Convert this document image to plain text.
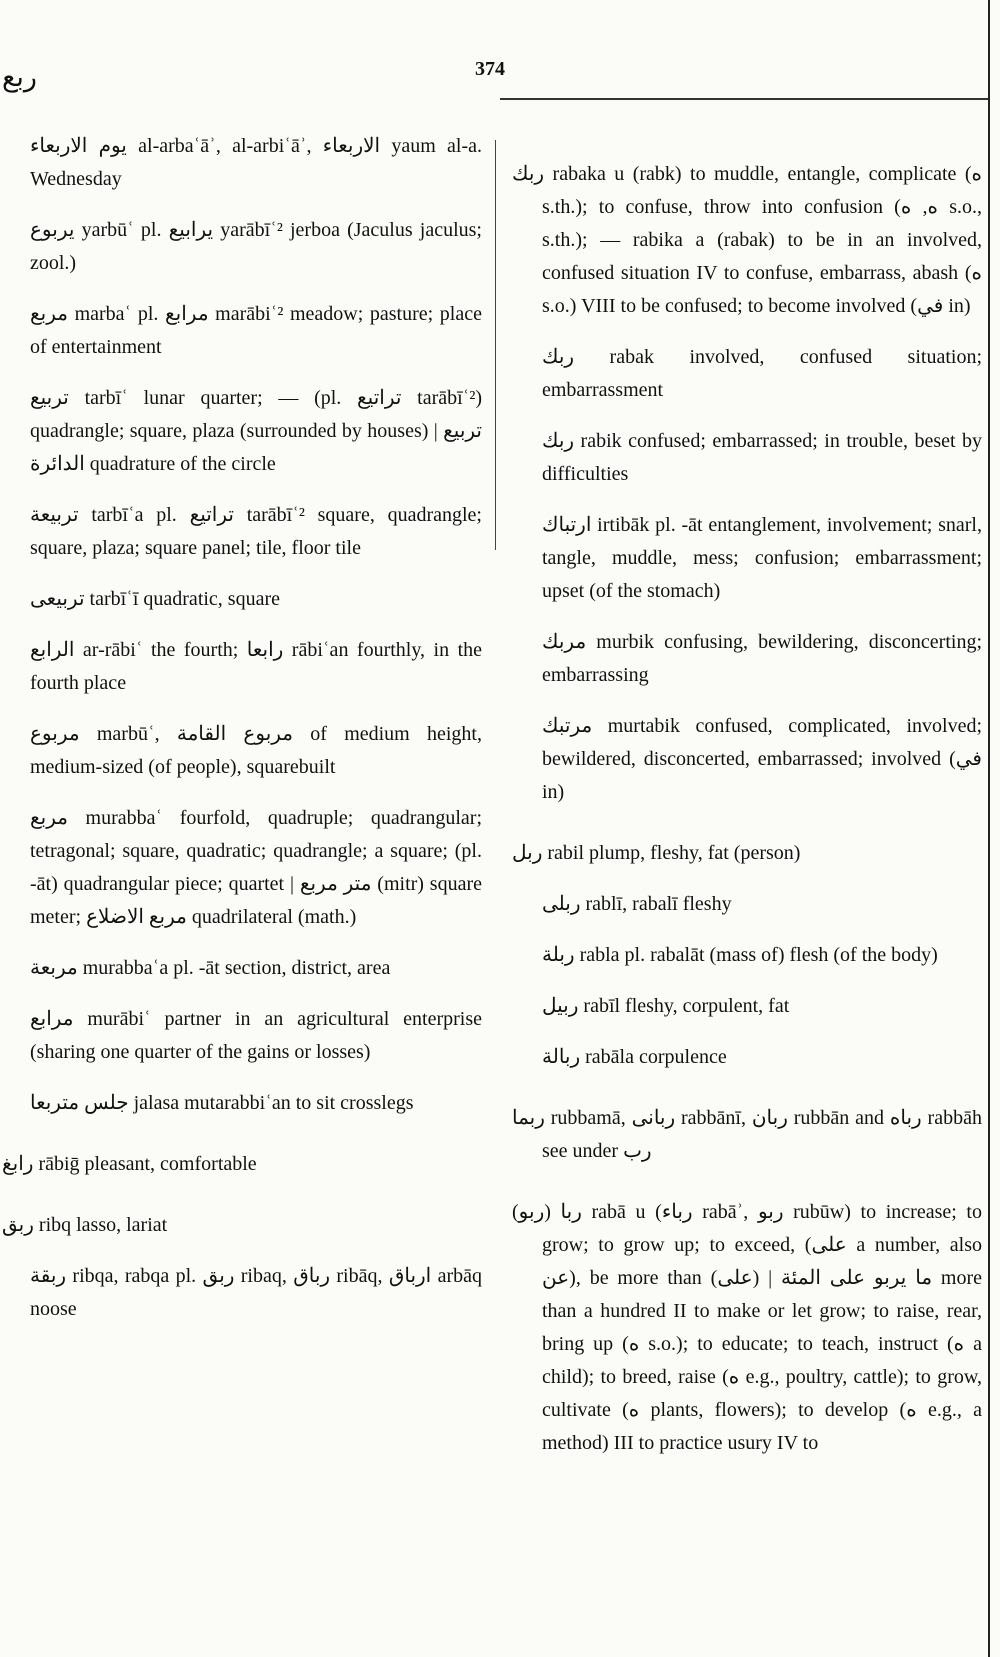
ربع	374

يوم الاربعاء al-arbaʿāʾ, al-arbiʿāʾ, الاربعاء yaum al-a. Wednesday

يربوع yarbūʿ pl. يرابيع yarābīʿ² jerboa (Jaculus jaculus; zool.)

مربع marbaʿ pl. مرابع marābiʿ² meadow; pasture; place of entertainment

تربيع tarbīʿ lunar quarter; — (pl. تراتيع tarābīʿ²) quadrangle; square, plaza (surrounded by houses) | تربيع الدائرة quadrature of the circle

تربيعة tarbīʿa pl. تراتيع tarābīʿ² square, quadrangle; square, plaza; square panel; tile, floor tile

تربيعى tarbīʿī quadratic, square

الرابع ar-rābiʿ the fourth; رابعا rābiʿan fourthly, in the fourth place

مربوع marbūʿ, مربوع القامة of medium height, medium-sized (of people), squarebuilt

مربع murabbaʿ fourfold, quadruple; quadrangular; tetragonal; square, quadratic; quadrangle; a square; (pl. -āt) quadrangular piece; quartet | متر مربع (mitr) square meter; مربع الاضلاع quadrilateral (math.)

مربعة murabbaʿa pl. -āt section, district, area

مرابع murābiʿ partner in an agricultural enterprise (sharing one quarter of the gains or losses)

جلس متربعا jalasa mutarabbiʿan to sit crosslegs

رابغ rābiḡ pleasant, comfortable

ربق ribq lasso, lariat

ربقة ribqa, rabqa pl. ربق ribaq, رباق ribāq, ارباق arbāq noose

ربك rabaka u (rabk) to muddle, entangle, complicate (ه s.th.); to confuse, throw into confusion (ه, ه s.o., s.th.); — rabika a (rabak) to be in an involved, confused situation IV to confuse, embarrass, abash (ه s.o.) VIII to be confused; to become involved (في in)

ربك rabak involved, confused situation; embarrassment

ربك rabik confused; embarrassed; in trouble, beset by difficulties

ارتباك irtibāk pl. -āt entanglement, involvement; snarl, tangle, muddle, mess; confusion; embarrassment; upset (of the stomach)

مربك murbik confusing, bewildering, disconcerting; embarrassing

مرتبك murtabik confused, complicated, involved; bewildered, disconcerted, embarrassed; involved (في in)

ربل rabil plump, fleshy, fat (person)

ربلى rablī, rabalī fleshy

ربلة rabla pl. rabalāt (mass of) flesh (of the body)

ربيل rabīl fleshy, corpulent, fat

ربالة rabāla corpulence

ربما rubbamā, ربانى rabbānī, ربان rubbān and رباه rabbāh see under رب

(ربو) ربا rabā u (رباء rabāʾ, ربو rubūw) to increase; to grow; to grow up; to exceed, (على a number, also عن), be more than (على) | ما يربو على المئة more than a hundred II to make or let grow; to raise, rear, bring up (ه s.o.); to educate; to teach, instruct (ه a child); to breed, raise (ه e.g., poultry, cattle); to grow, cultivate (ه plants, flowers); to develop (ه e.g., a method) III to practice usury IV to
